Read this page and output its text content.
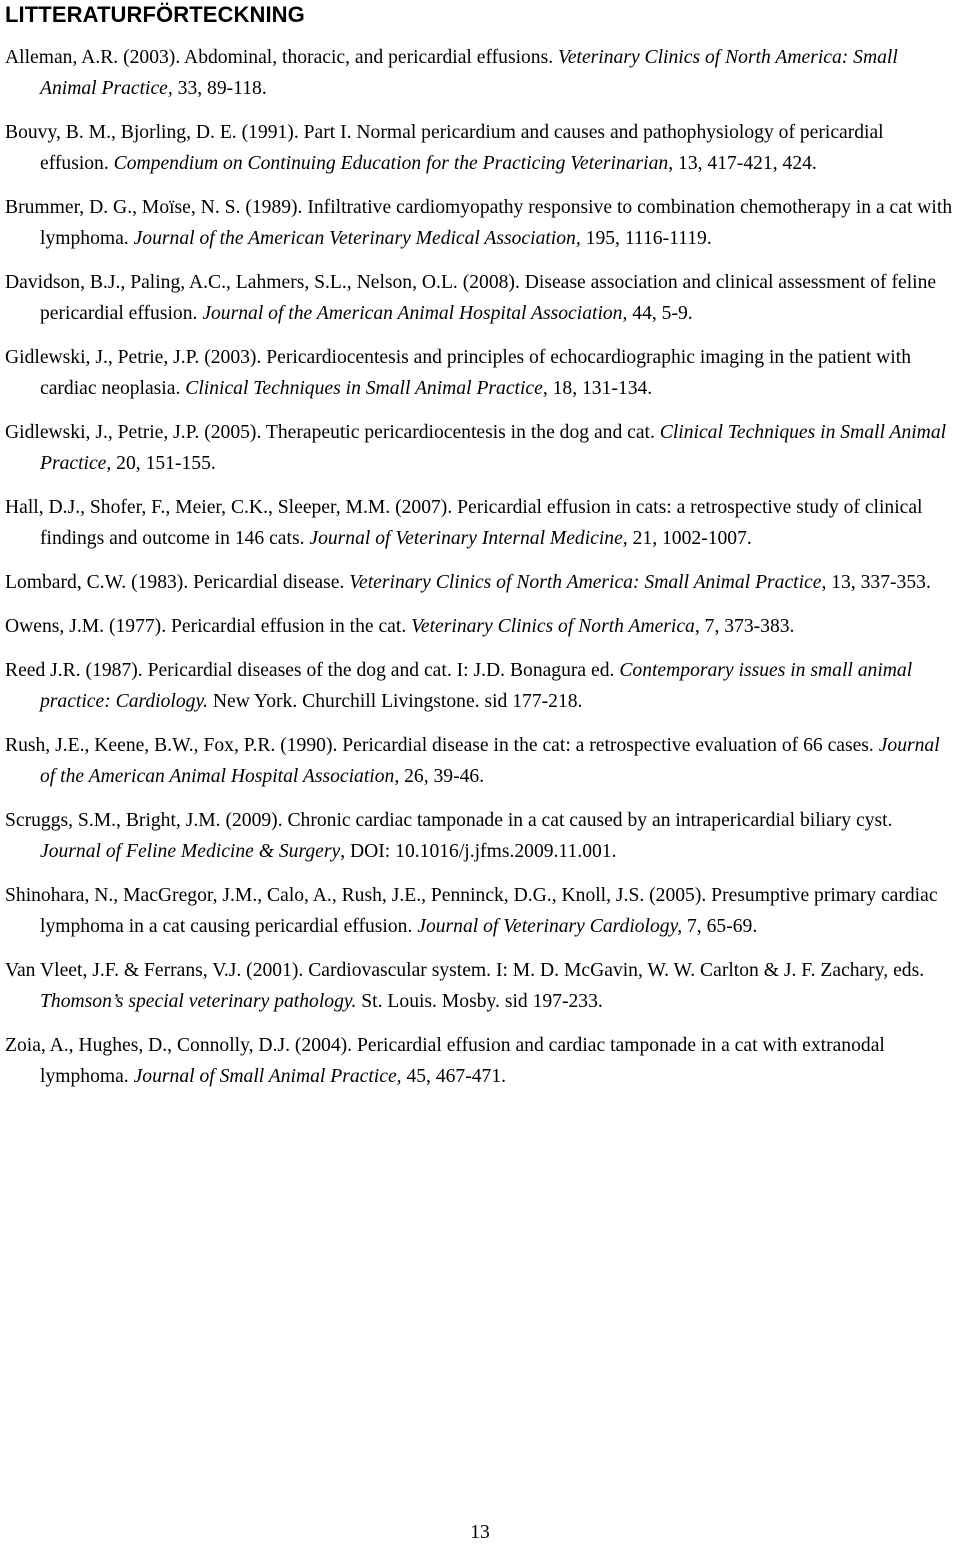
LITTERATURFÖRTECKNING
Alleman, A.R. (2003). Abdominal, thoracic, and pericardial effusions. Veterinary Clinics of North America: Small Animal Practice, 33, 89-118.
Bouvy, B. M., Bjorling, D. E. (1991). Part I. Normal pericardium and causes and pathophysiology of pericardial effusion. Compendium on Continuing Education for the Practicing Veterinarian, 13, 417-421, 424.
Brummer, D. G., Moïse, N. S. (1989). Infiltrative cardiomyopathy responsive to combination chemotherapy in a cat with lymphoma. Journal of the American Veterinary Medical Association, 195, 1116-1119.
Davidson, B.J., Paling, A.C., Lahmers, S.L., Nelson, O.L. (2008). Disease association and clinical assessment of feline pericardial effusion. Journal of the American Animal Hospital Association, 44, 5-9.
Gidlewski, J., Petrie, J.P. (2003). Pericardiocentesis and principles of echocardiographic imaging in the patient with cardiac neoplasia. Clinical Techniques in Small Animal Practice, 18, 131-134.
Gidlewski, J., Petrie, J.P. (2005). Therapeutic pericardiocentesis in the dog and cat. Clinical Techniques in Small Animal Practice, 20, 151-155.
Hall, D.J., Shofer, F., Meier, C.K., Sleeper, M.M. (2007). Pericardial effusion in cats: a retrospective study of clinical findings and outcome in 146 cats. Journal of Veterinary Internal Medicine, 21, 1002-1007.
Lombard, C.W. (1983). Pericardial disease. Veterinary Clinics of North America: Small Animal Practice, 13, 337-353.
Owens, J.M. (1977). Pericardial effusion in the cat. Veterinary Clinics of North America, 7, 373-383.
Reed J.R. (1987). Pericardial diseases of the dog and cat. I: J.D. Bonagura ed. Contemporary issues in small animal practice: Cardiology. New York. Churchill Livingstone. sid 177-218.
Rush, J.E., Keene, B.W., Fox, P.R. (1990). Pericardial disease in the cat: a retrospective evaluation of 66 cases. Journal of the American Animal Hospital Association, 26, 39-46.
Scruggs, S.M., Bright, J.M. (2009). Chronic cardiac tamponade in a cat caused by an intrapericardial biliary cyst. Journal of Feline Medicine & Surgery, DOI: 10.1016/j.jfms.2009.11.001.
Shinohara, N., MacGregor, J.M., Calo, A., Rush, J.E., Penninck, D.G., Knoll, J.S. (2005). Presumptive primary cardiac lymphoma in a cat causing pericardial effusion. Journal of Veterinary Cardiology, 7, 65-69.
Van Vleet, J.F. & Ferrans, V.J. (2001). Cardiovascular system. I: M. D. McGavin, W. W. Carlton & J. F. Zachary, eds. Thomson’s special veterinary pathology. St. Louis. Mosby. sid 197-233.
Zoia, A., Hughes, D., Connolly, D.J. (2004). Pericardial effusion and cardiac tamponade in a cat with extranodal lymphoma. Journal of Small Animal Practice, 45, 467-471.
13
